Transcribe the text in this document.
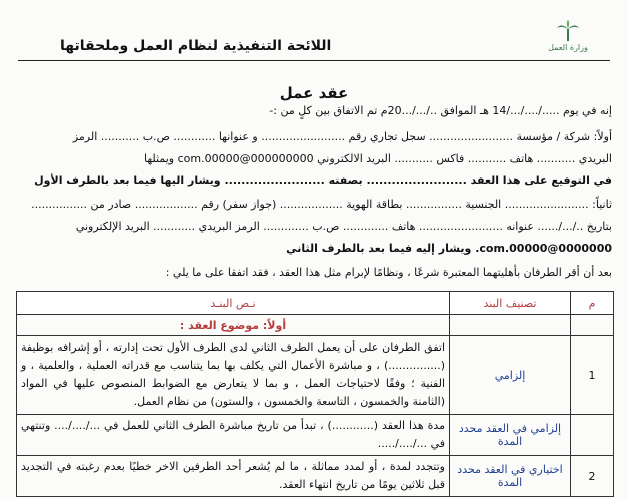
اللائحة التنفيذية لنظام العمل وملحقاتها	وزارة العمل
عقد عمل
إنه في يوم ...../..../.../14 هـ الموافق ../.../...20م تم الاتفاق بين كلٍ من :-
أولاً: شركة / مؤسسة ........................ سجل تجاري رقم ........................ و عنوانها ............ ص.ب ........... الرمز
البريدي ........... هاتف ........... فاكس ........... البريد الالكتروني 000000000@00000.com ويمثلها
في التوقيع على هذا العقد ........................ بصفته ........................ ويشار اليها فيما بعد بالطرف الأول
ثانياً: ........................ الجنسية ................ بطاقة الهوية .................. (جواز سفر) رقم .................. صادر من ................
بتاريخ ../.../...... عنوانه ........................ هاتف ............. ص.ب ............. الرمز البريدي ............ البريد الإلكتروني
0000000@00000.com. ويشار إليه فيما بعد بالطرف الثاني
بعد أن أقر الطرفان بأهليتهما المعتبرة شرعًا ، ونظامًا لإبرام مثل هذا العقد ، فقد اتفقا على ما يلي :
م	تصنيف البند	نـص البنـد
		أولاً: موضوع العقد :
1	إلزامي	اتفق الطرفان على أن يعمل الطرف الثاني لدى الطرف الأول تحت إدارته ، أو إشرافه بوظيفة (...............) ، و مباشرة الأعمال التي يكلف بها بما يتناسب مع قدراته العملية ، والعلمية ، و الفنية ؛ وفقًا لاحتياجات العمل ، و بما لا يتعارض مع الضوابط المنصوص عليها في المواد (الثامنة والخمسون ، التاسعة والخمسون ، والستون) من نظام العمل.
	إلزامي في العقد محدد المدة	مدة هذا العقد (............) ، تبدأ من تاريخ مباشرة الطرف الثاني للعمل في .../..../.... وتنتهي في .../..../.....
2	اختياري في العقد محدد المدة	وتتجدد لمدة ، أو لمدد مماثلة ، ما لم يُشعر أحد الطرفين الاخر خطيًا بعدم رغبته في التجديد قبل ثلاثين يومًا من تاريخ انتهاء العقد.
